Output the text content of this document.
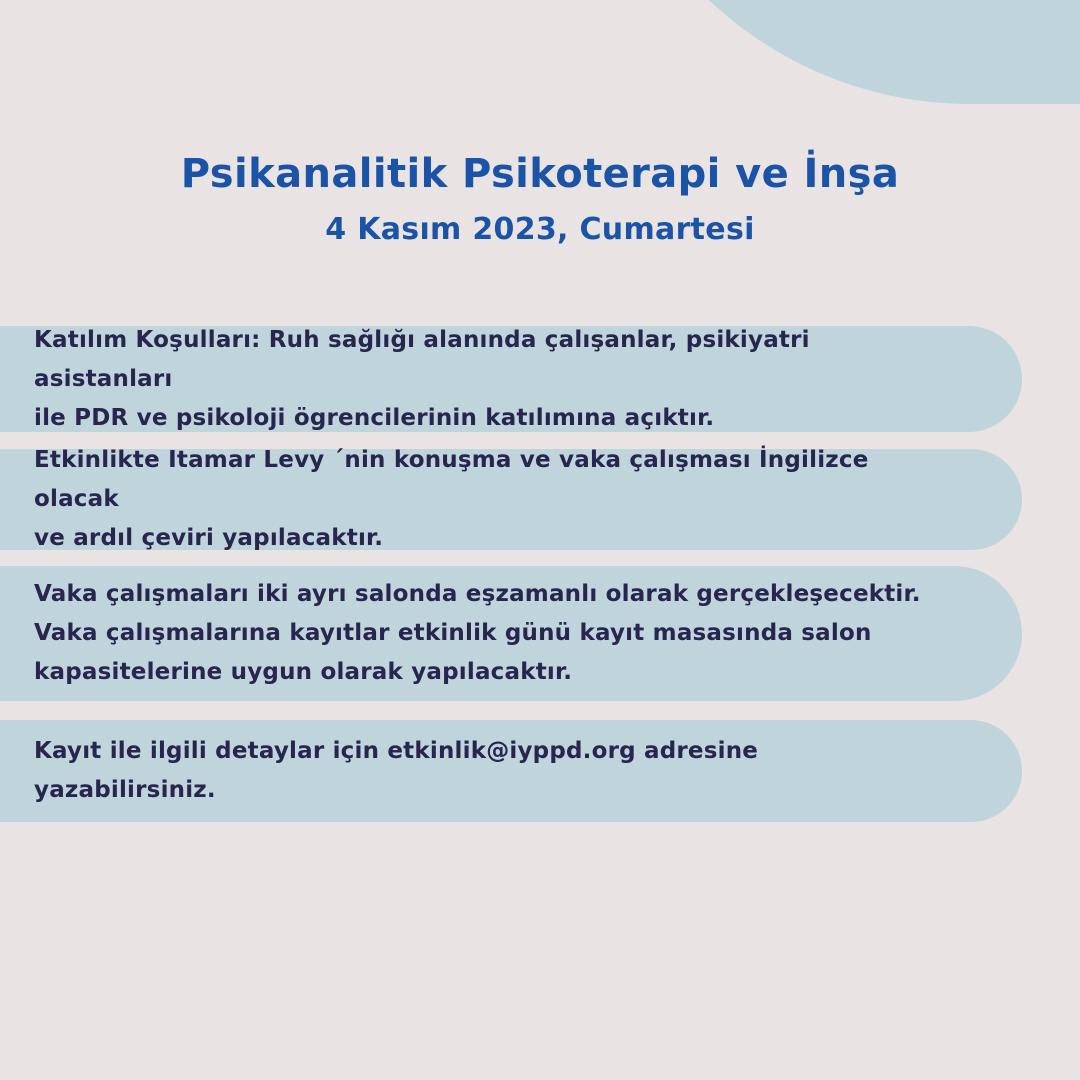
Psikanalitik Psikoterapi ve İnşa
4 Kasım 2023, Cumartesi
Katılım Koşulları: Ruh sağlığı alanında çalışanlar, psikiyatri asistanları
ile PDR ve psikoloji ögrencilerinin katılımına açıktır.
Etkinlikte Itamar Levy ´nin konuşma ve vaka çalışması İngilizce olacak
ve ardıl çeviri yapılacaktır.
Vaka çalışmaları iki ayrı salonda eşzamanlı olarak gerçekleşecektir.
Vaka çalışmalarına kayıtlar etkinlik günü kayıt masasında salon
kapasitelerine uygun olarak yapılacaktır.
Kayıt ile ilgili detaylar için etkinlik@iyppd.org adresine
yazabilirsiniz.
